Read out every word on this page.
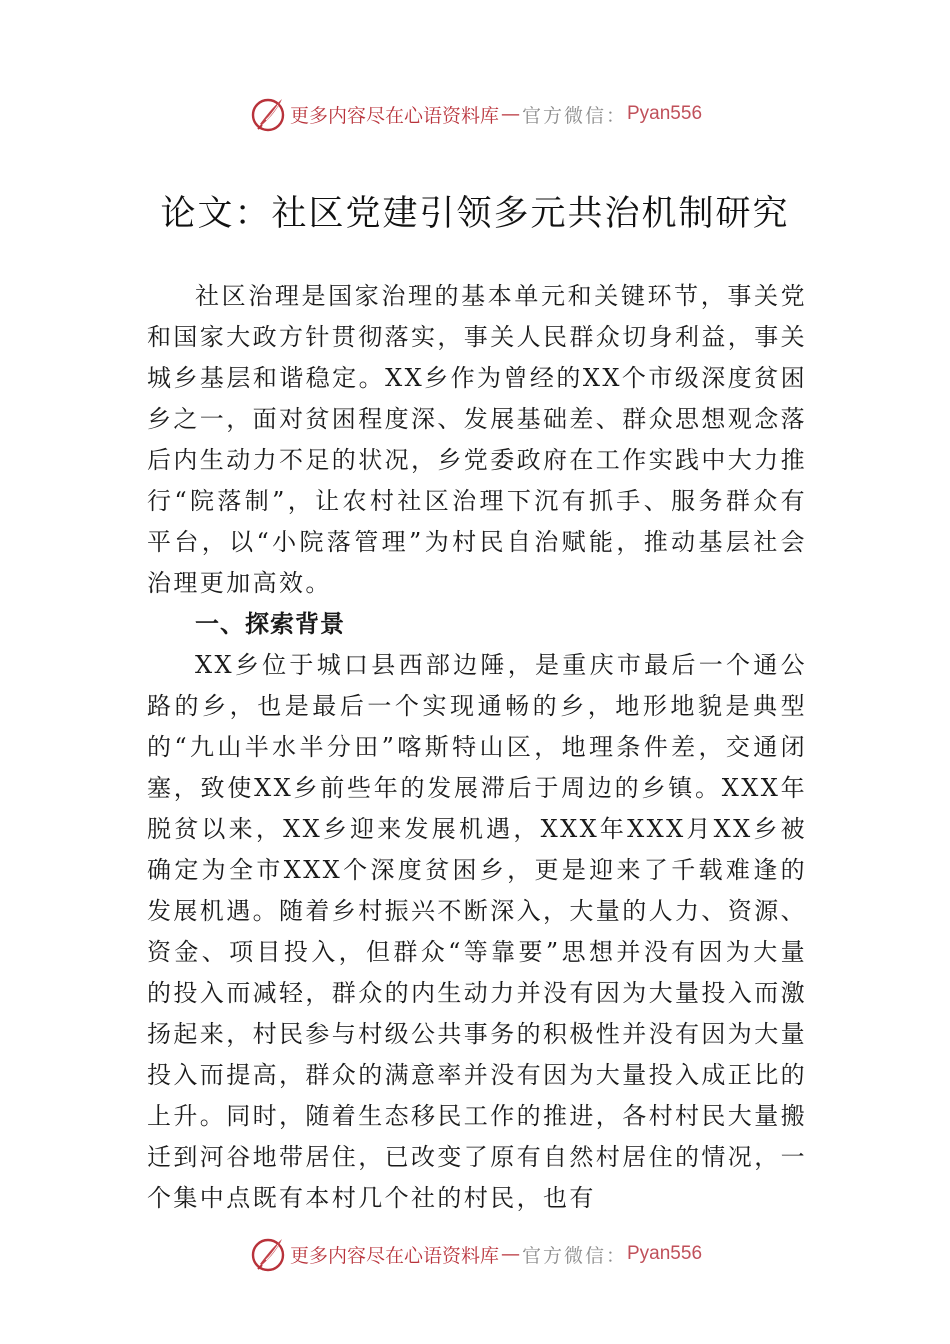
更多内容尽在心语资料库 — 官方微信： Pyan556
论文：社区党建引领多元共治机制研究

社区治理是国家治理的基本单元和关键环节，事关党和国家大政方针贯彻落实，事关人民群众切身利益，事关城乡基层和谐稳定。XX乡作为曾经的XX个市级深度贫困乡之一，面对贫困程度深、发展基础差、群众思想观念落后内生动力不足的状况，乡党委政府在工作实践中大力推行“院落制”，让农村社区治理下沉有抓手、服务群众有平台，以“小院落管理”为村民自治赋能，推动基层社会治理更加高效。

一、探索背景

XX乡位于城口县西部边陲，是重庆市最后一个通公路的乡，也是最后一个实现通畅的乡，地形地貌是典型的“九山半水半分田”喀斯特山区，地理条件差，交通闭塞，致使XX乡前些年的发展滞后于周边的乡镇。XXX年脱贫以来，XX乡迎来发展机遇，XXX年XXX月XX乡被确定为全市XXX个深度贫困乡，更是迎来了千载难逢的发展机遇。随着乡村振兴不断深入，大量的人力、资源、资金、项目投入，但群众“等靠要”思想并没有因为大量的投入而减轻，群众的内生动力并没有因为大量投入而激扬起来，村民参与村级公共事务的积极性并没有因为大量投入而提高，群众的满意率并没有因为大量投入成正比的上升。同时，随着生态移民工作的推进，各村村民大量搬迁到河谷地带居住，已改变了原有自然村居住的情况，一个集中点既有本村几个社的村民，也有

更多内容尽在心语资料库 — 官方微信： Pyan556
